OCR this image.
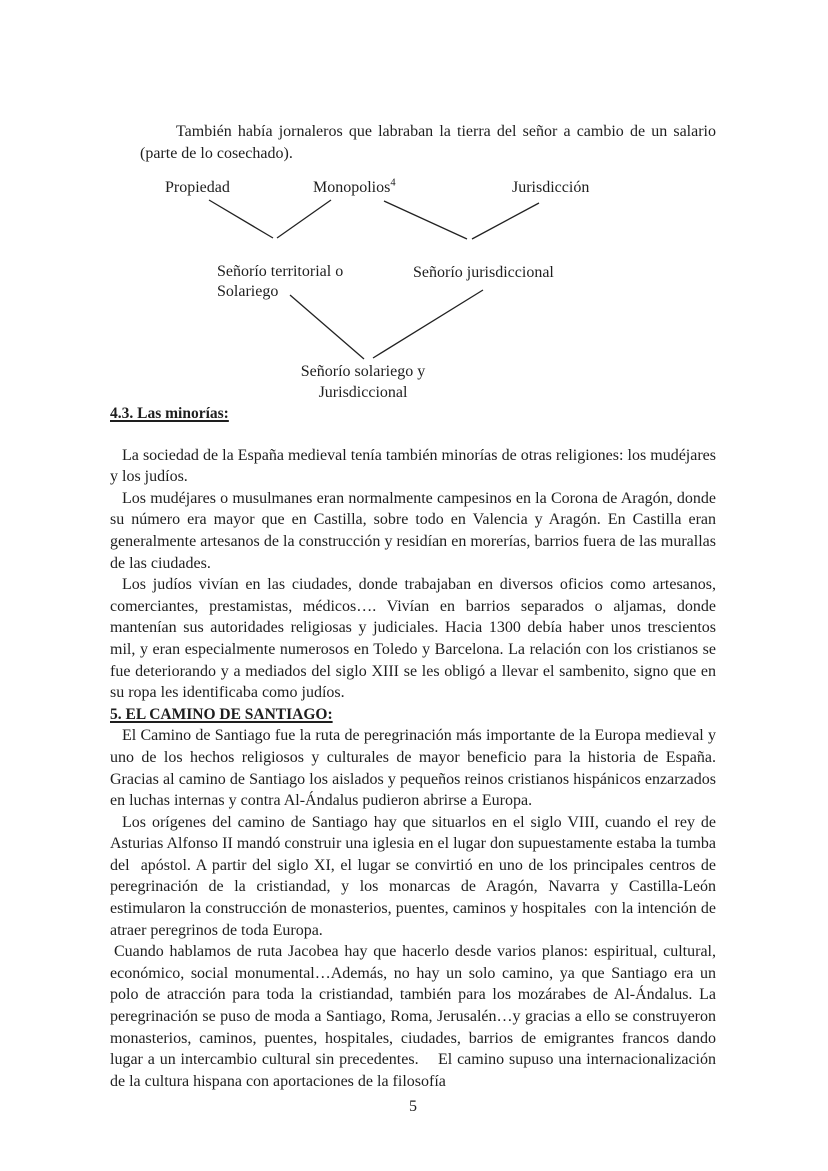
También había jornaleros que labraban la tierra del señor a cambio de un salario (parte de lo cosechado).

Propiedad	Monopolios$^4$	Jurisdicción
Señorío territorial o
Solariego
Señorío jurisdiccional
Señorío solariego y
Jurisdiccional
4.3. Las minorías:

La sociedad de la España medieval tenía también minorías de otras religiones: los mudéjares y los judíos.

Los mudéjares o musulmanes eran normalmente campesinos en la Corona de Aragón, donde su número era mayor que en Castilla, sobre todo en Valencia y Aragón. En Castilla eran generalmente artesanos de la construcción y residían en morerías, barrios fuera de las murallas de las ciudades.

Los judíos vivían en las ciudades, donde trabajaban en diversos oficios como artesanos, comerciantes, prestamistas, médicos…. Vivían en barrios separados o aljamas, donde mantenían sus autoridades religiosas y judiciales. Hacia 1300 debía haber unos trescientos mil, y eran especialmente numerosos en Toledo y Barcelona. La relación con los cristianos se fue deteriorando y a mediados del siglo XIII se les obligó a llevar el sambenito, signo que en su ropa les identificaba como judíos.

5. EL CAMINO DE SANTIAGO:

El Camino de Santiago fue la ruta de peregrinación más importante de la Europa medieval y uno de los hechos religiosos y culturales de mayor beneficio para la historia de España. Gracias al camino de Santiago los aislados y pequeños reinos cristianos hispánicos enzarzados en luchas internas y contra Al-Ándalus pudieron abrirse a Europa.

Los orígenes del camino de Santiago hay que situarlos en el siglo VIII, cuando el rey de Asturias Alfonso II mandó construir una iglesia en el lugar don supuestamente estaba la tumba del  apóstol. A partir del siglo XI, el lugar se convirtió en uno de los principales centros de peregrinación de la cristiandad, y los monarcas de Aragón, Navarra y Castilla-León estimularon la construcción de monasterios, puentes, caminos y hospitales  con la intención de atraer peregrinos de toda Europa.

Cuando hablamos de ruta Jacobea hay que hacerlo desde varios planos: espiritual, cultural, económico, social monumental…Además, no hay un solo camino, ya que Santiago era un polo de atracción para toda la cristiandad, también para los mozárabes de Al-Ándalus. La peregrinación se puso de moda a Santiago, Roma, Jerusalén…y gracias a ello se construyeron monasterios, caminos, puentes, hospitales, ciudades, barrios de emigrantes francos dando lugar a un intercambio cultural sin precedentes.    El camino supuso una internacionalización de la cultura hispana con aportaciones de la filosofía

5
